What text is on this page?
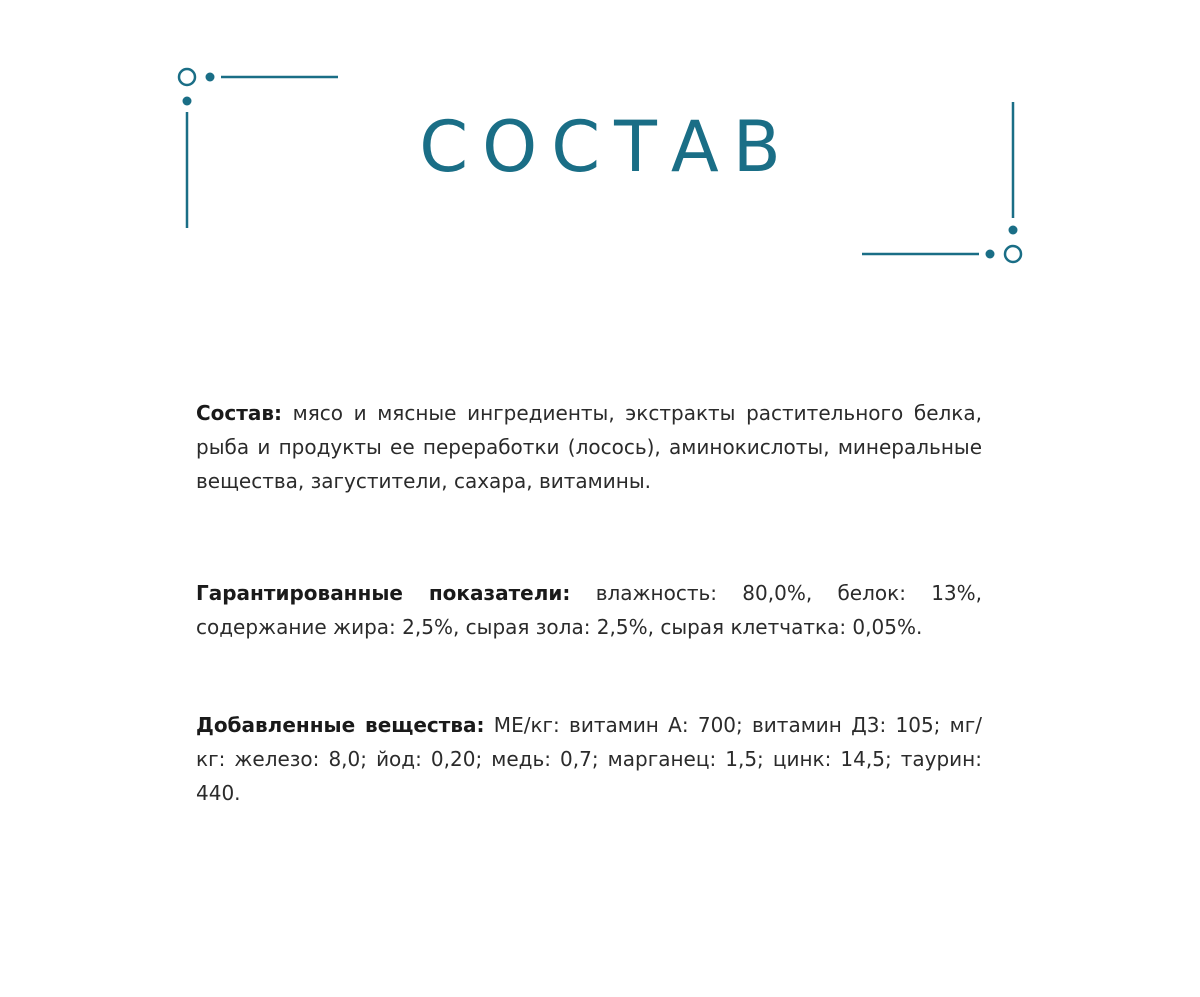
СОСТАВ

Состав: мясо и мясные ингредиенты, экстракты растительного белка, рыба и продукты ее переработки (лосось), аминокислоты, минеральные вещества, загустители, сахара, витамины.

Гарантированные показатели: влажность: 80,0%, белок: 13%, содержание жира: 2,5%, сырая зола: 2,5%, сырая клетчатка: 0,05%.

Добавленные вещества: МЕ/кг: витамин А: 700; витамин Д3: 105; мг/кг: железо: 8,0; йод: 0,20; медь: 0,7; марганец: 1,5; цинк: 14,5; таурин: 440.
